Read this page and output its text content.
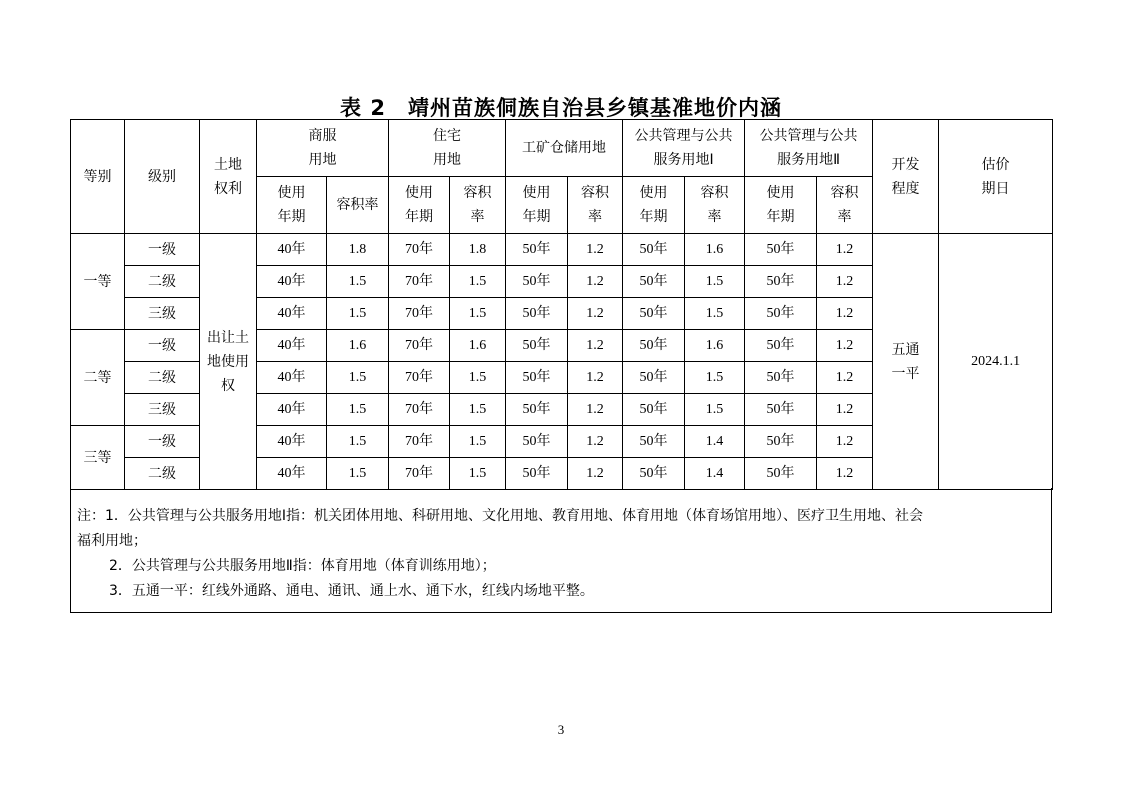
表 2　靖州苗族侗族自治县乡镇基准地价内涵
等别	级别	土地权利	商服用地		住宅用地		工矿仓储用地		公共管理与公共服务用地Ⅰ		公共管理与公共服务用地Ⅱ		开发程度	估价期日
			使用年期	容积率	使用年期	容积率	使用年期	容积率	使用年期	容积率	使用年期	容积率		
一等	一级	出让土地使用权	40年	1.8	70年	1.8	50年	1.2	50年	1.6	50年	1.2	五通一平	2024.1.1
	二级		40年	1.5	70年	1.5	50年	1.2	50年	1.5	50年	1.2		
	三级		40年	1.5	70年	1.5	50年	1.2	50年	1.5	50年	1.2		
二等	一级		40年	1.6	70年	1.6	50年	1.2	50年	1.6	50年	1.2		
	二级		40年	1.5	70年	1.5	50年	1.2	50年	1.5	50年	1.2		
	三级		40年	1.5	70年	1.5	50年	1.2	50年	1.5	50年	1.2		
三等	一级		40年	1.5	70年	1.5	50年	1.2	50年	1.4	50年	1.2		
	二级		40年	1.5	70年	1.5	50年	1.2	50年	1.4	50年	1.2		
注：1．公共管理与公共服务用地Ⅰ指：机关团体用地、科研用地、文化用地、教育用地、体育用地（体育场馆用地）、医疗卫生用地、社会
福利用地；
2．公共管理与公共服务用地Ⅱ指：体育用地（体育训练用地）；
3．五通一平：红线外通路、通电、通讯、通上水、通下水，红线内场地平整。
3
